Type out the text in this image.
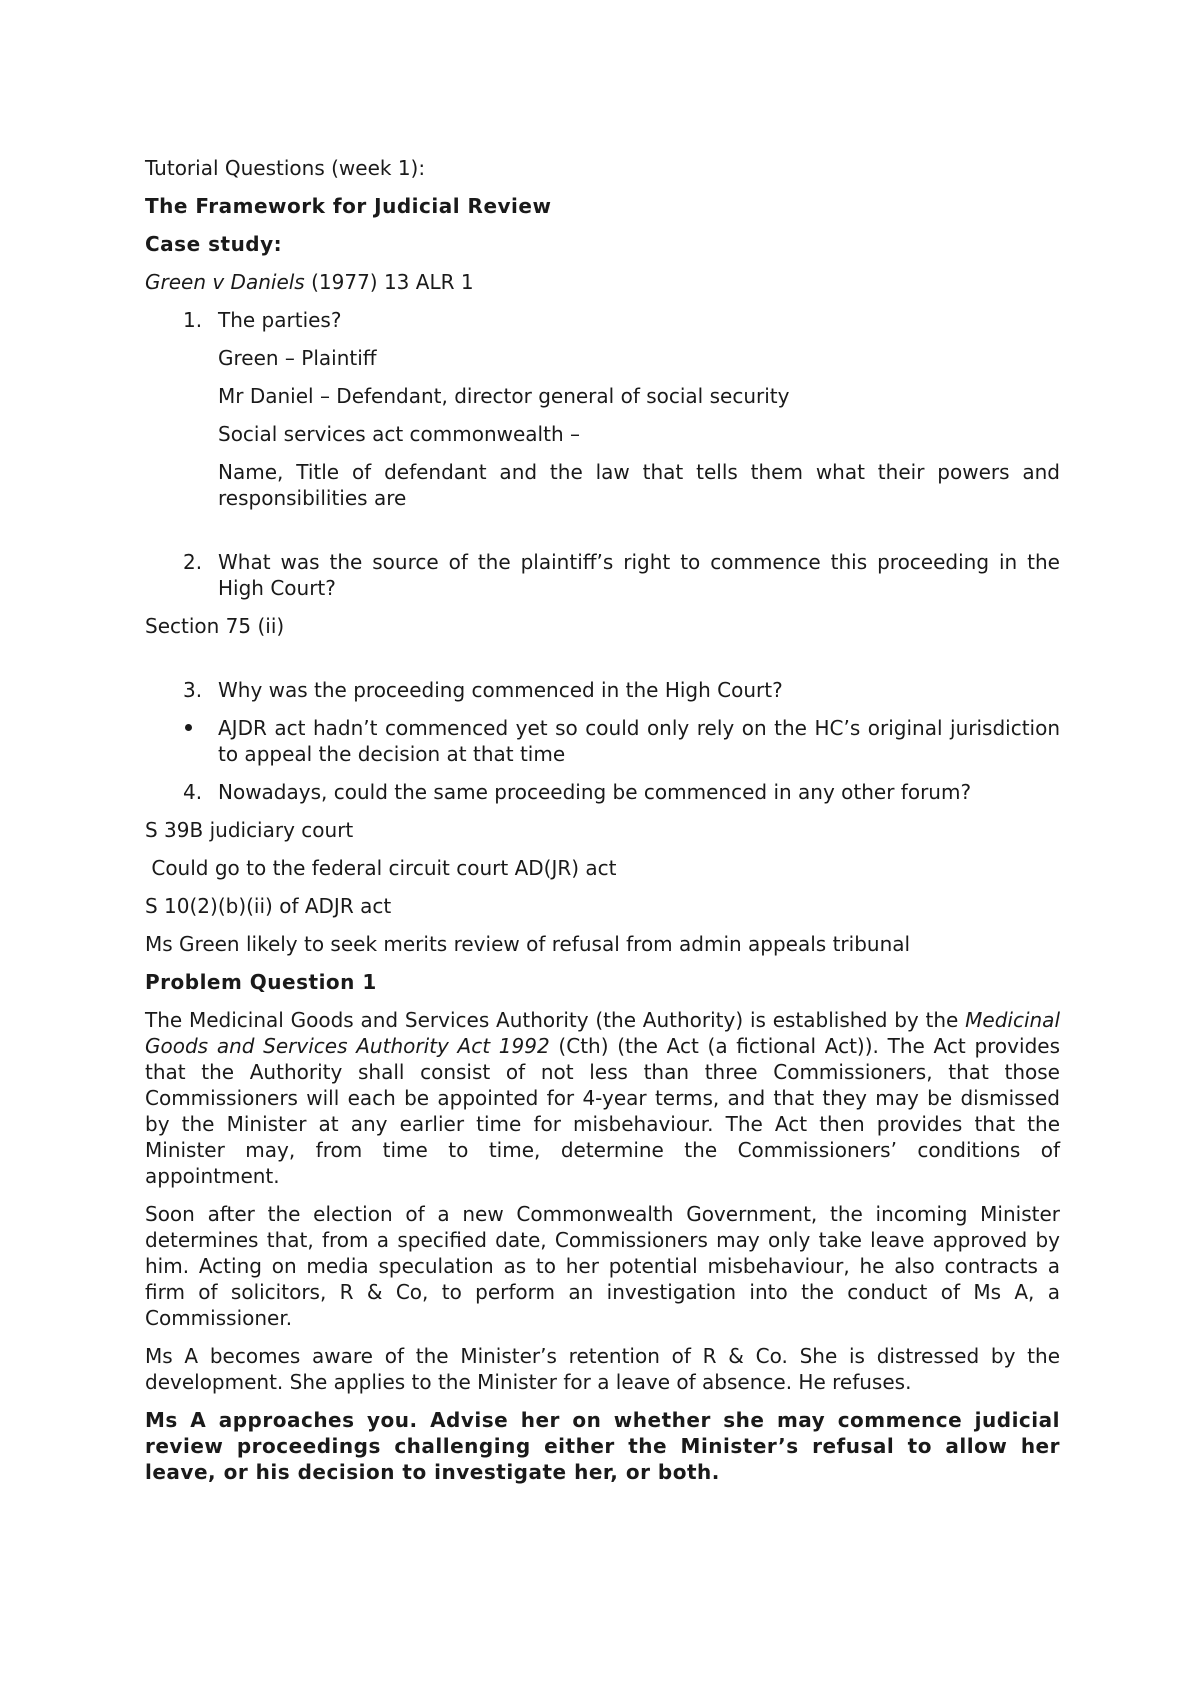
Tutorial Questions (week 1):

The Framework for Judicial Review

Case study:

Green v Daniels (1977) 13 ALR 1

1. The parties?

Green – Plaintiff

Mr Daniel – Defendant, director general of social security

Social services act commonwealth –

Name, Title of defendant and the law that tells them what their powers and responsibilities are

2. What was the source of the plaintiff’s right to commence this proceeding in the High Court?

Section 75 (ii)

3. Why was the proceeding commenced in the High Court?
AJDR act hadn’t commenced yet so could only rely on the HC’s original jurisdiction to appeal the decision at that time
4. Nowadays, could the same proceeding be commenced in any other forum?

S 39B judiciary court

Could go to the federal circuit court AD(JR) act

S 10(2)(b)(ii) of ADJR act

Ms Green likely to seek merits review of refusal from admin appeals tribunal

Problem Question 1

The Medicinal Goods and Services Authority (the Authority) is established by the Medicinal Goods and Services Authority Act 1992 (Cth) (the Act (a fictional Act)). The Act provides that the Authority shall consist of not less than three Commissioners, that those Commissioners will each be appointed for 4-year terms, and that they may be dismissed by the Minister at any earlier time for misbehaviour. The Act then provides that the Minister may, from time to time, determine the Commissioners’ conditions of appointment.

Soon after the election of a new Commonwealth Government, the incoming Minister determines that, from a specified date, Commissioners may only take leave approved by him. Acting on media speculation as to her potential misbehaviour, he also contracts a firm of solicitors, R & Co, to perform an investigation into the conduct of Ms A, a Commissioner.

Ms A becomes aware of the Minister’s retention of R & Co. She is distressed by the development. She applies to the Minister for a leave of absence. He refuses.

Ms A approaches you. Advise her on whether she may commence judicial review proceedings challenging either the Minister’s refusal to allow her leave, or his decision to investigate her, or both.
